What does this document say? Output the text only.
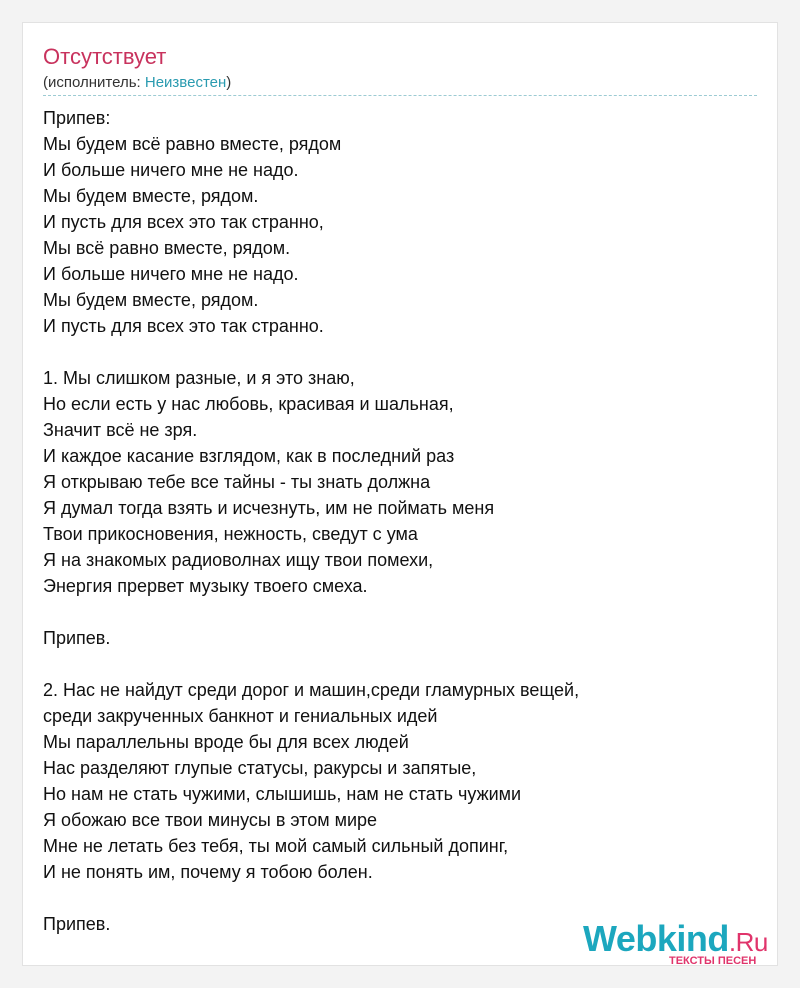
Отсутствует
(исполнитель: Неизвестен)
Припев:
Мы будем всё равно вместе, рядом
И больше ничего мне не надо.
Мы будем вместе, рядом.
И пусть для всех это так странно,
Мы всё равно вместе, рядом.
И больше ничего мне не надо.
Мы будем вместе, рядом.
И пусть для всех это так странно.
1. Мы слишком разные, и я это знаю,
Но если есть у нас любовь, красивая и шальная,
Значит всё не зря.
И каждое касание взглядом, как в последний раз
Я открываю тебе все тайны - ты знать должна
Я думал тогда взять и исчезнуть, им не поймать меня
Твои прикосновения, нежность, сведут с ума
Я на знакомых радиоволнах ищу твои помехи,
Энергия прервет музыку твоего смеха.
Припев.
2. Нас не найдут среди дорог и машин,среди гламурных вещей,
среди закрученных банкнот и гениальных идей
Мы параллельны вроде бы для всех людей
Нас разделяют глупые статусы, ракурсы и запятые,
Но нам не стать чужими, слышишь, нам не стать чужими
Я обожаю все твои минусы в этом мире
Мне не летать без тебя, ты мой самый сильный допинг,
И не понять им, почему я тобою болен.
Припев.	Webkind.Ru
ТЕКСТЫ ПЕСЕН
